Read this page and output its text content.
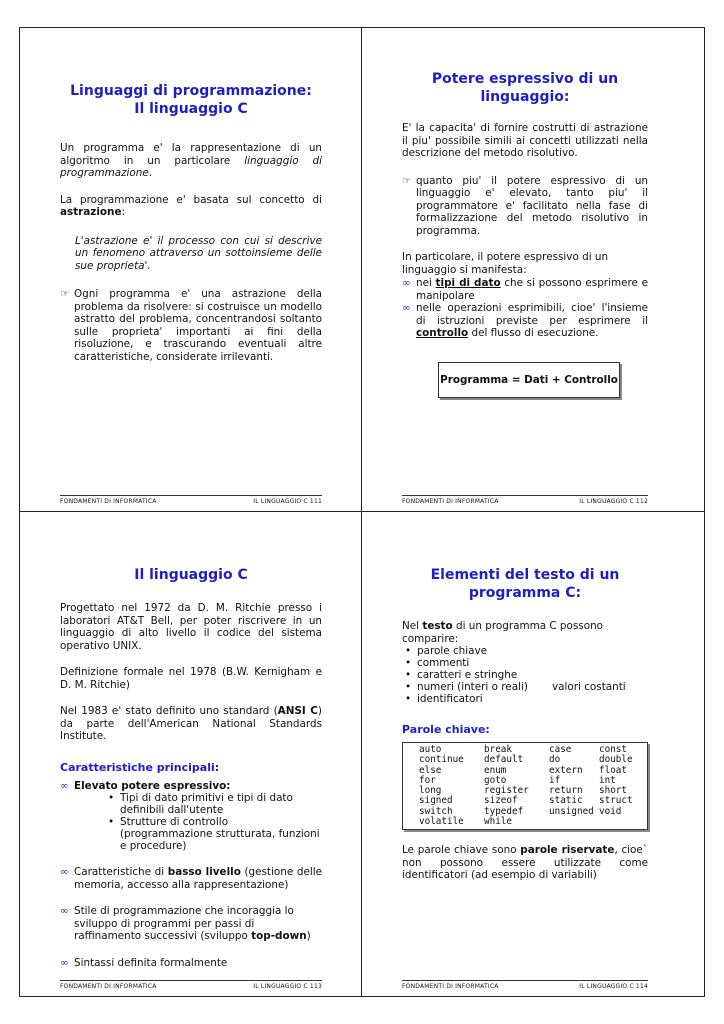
Linguaggi di programmazione:
Il linguaggio C

Un programma e' la rappresentazione di un algoritmo in un particolare linguaggio di programmazione.

La programmazione e' basata sul concetto di astrazione:

L'astrazione e' il processo con cui si descrive un fenomeno attraverso un sottoinsieme delle sue proprieta'.

☞ Ogni programma e' una astrazione della problema da risolvere: si costruisce un modello astratto del problema, concentrandosi soltanto sulle proprieta' importanti ai fini della risoluzione, e trascurando eventuali altre caratteristiche, considerate irrilevanti.
FONDAMENTI DI INFORMATICA	IL LINGUAGGIO C 111
Potere espressivo di un
linguaggio:

E' la capacita' di fornire costrutti di astrazione il piu' possibile simili ai concetti utilizzati nella descrizione del metodo risolutivo.

☞ quanto piu' il potere espressivo di un linguaggio e' elevato, tanto piu' il programmatore e' facilitato nella fase di formalizzazione del metodo risolutivo in programma.

In particolare, il potere espressivo di un linguaggio si manifesta:

∞ nei tipi di dato che si possono esprimere e manipolare
∞ nelle operazioni esprimibili, cioe' l'insieme di istruzioni previste per esprimere il controllo del flusso di esecuzione.
Programma = Dati + Controllo
FONDAMENTI DI INFORMATICA	IL LINGUAGGIO C 112
Il linguaggio C

Progettato nel 1972 da D. M. Ritchie presso i laboratori AT&T Bell, per poter riscrivere in un linguaggio di alto livello il codice del sistema operativo UNIX.

Definizione formale nel 1978 (B.W. Kernigham e D. M. Ritchie)

Nel 1983 e' stato definito uno standard (ANSI C) da parte dell'American National Standards Institute.

Caratteristiche principali:
∞ Elevato potere espressivo:
• Tipi di dato primitivi e tipi di dato definibili dall'utente
• Strutture di controllo (programmazione strutturata, funzioni e procedure)
∞ Caratteristiche di basso livello (gestione delle memoria, accesso alla rappresentazione)
∞ Stile di programmazione che incoraggia lo sviluppo di programmi per passi di raffinamento successivi (sviluppo top-down)
∞ Sintassi definita formalmente
FONDAMENTI DI INFORMATICA	IL LINGUAGGIO C 113
Elementi del testo di un
programma C:

Nel testo di un programma C possono comparire:

• parole chiave
• commenti
• caratteri e stringhe
• numeri (interi o reali)	valori costanti
• identificatori
Parole chiave:
auto	break	case	const
continue	default	do	double
else	enum	extern	float
for	goto	if	int
long	register	return	short
signed	sizeof	static	struct
switch	typedef	unsigned void
volatile	while

Le parole chiave sono parole riservate, cioe` non possono essere utilizzate come identificatori (ad esempio di variabili)

FONDAMENTI DI INFORMATICA	IL LINGUAGGIO C 114
